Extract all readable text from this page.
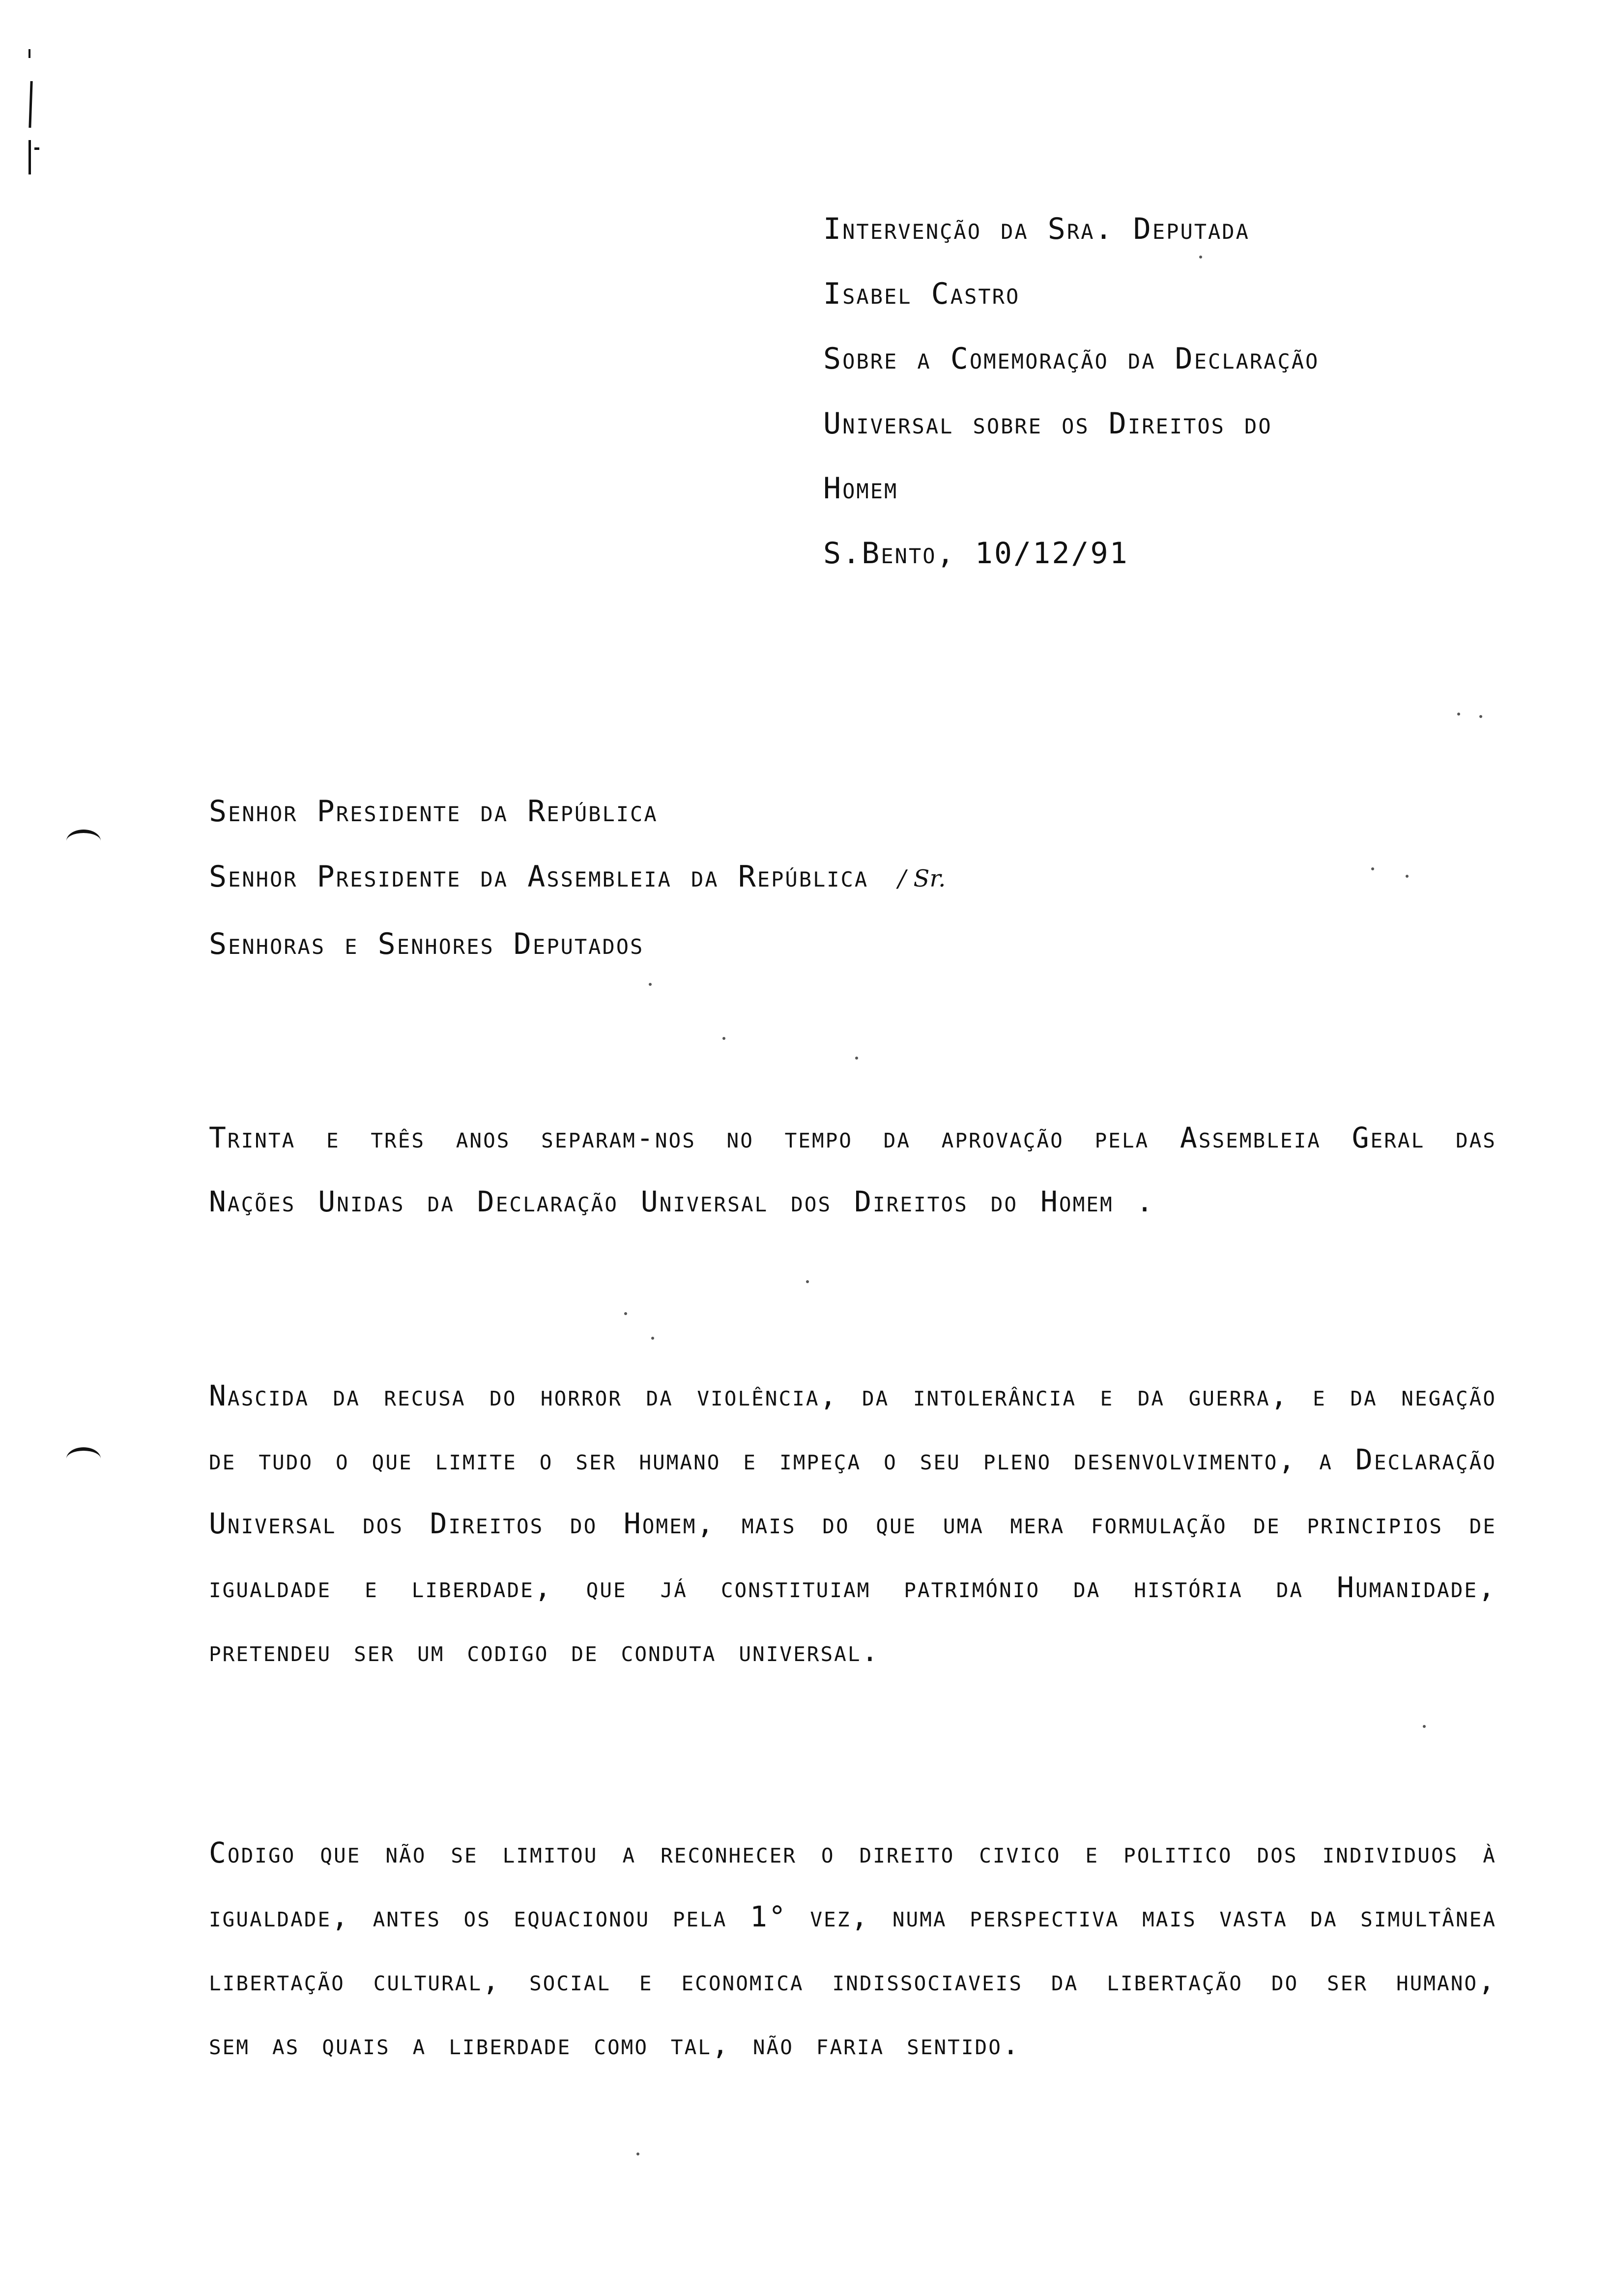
Intervenção da Sra. Deputada
Isabel Castro
Sobre a Comemoração da Declaração
Universal sobre os Direitos do
Homem
S.Bento, 10/12/91
Senhor Presidente da República
Senhor Presidente da Assembleia da República / Sr.
Senhoras e Senhores Deputados
Trinta e três anos separam-nos no tempo da aprovação pela Assembleia Geral das Nações Unidas da Declaração Universal dos Direitos do Homem .
Nascida da recusa do horror da violência, da intolerância e da guerra, e da negação de tudo o que limite o ser humano e impeça o seu pleno desenvolvimento, a Declaração Universal dos Direitos do Homem, mais do que uma mera formulação de principios de igualdade e liberdade, que já constituiam património da história da Humanidade, pretendeu ser um codigo de conduta universal.
Codigo que não se limitou a reconhecer o direito civico e politico dos individuos à igualdade, antes os equacionou pela 1° vez, numa perspectiva mais vasta da simultânea libertação cultural, social e economica indissociaveis da libertação do ser humano, sem as quais a liberdade como tal, não faria sentido.
